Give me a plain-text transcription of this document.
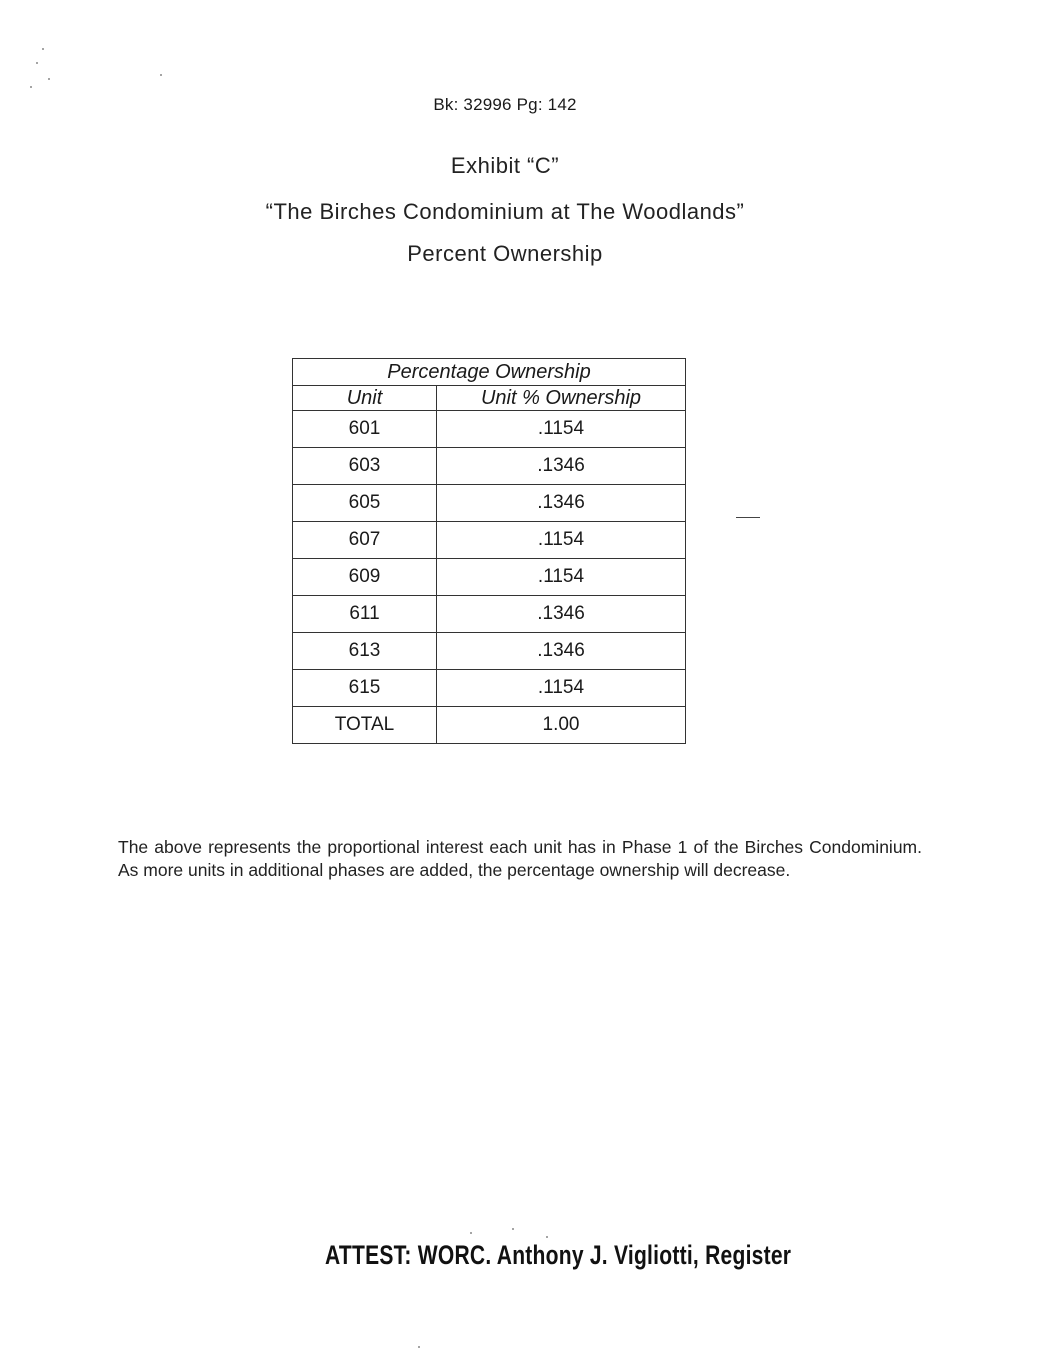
Bk: 32996 Pg: 142
Exhibit “C”
“The Birches Condominium at The Woodlands”
Percent Ownership
Percentage Ownership	
Unit	Unit % Ownership
601	.1154
603	.1346
605	.1346
607	.1154
609	.1154
611	.1346
613	.1346
615	.1154
TOTAL	1.00
The above represents the proportional interest each unit has in Phase 1 of the Birches Condominium. As more units in additional phases are added, the percentage ownership will decrease.
ATTEST: WORC. Anthony J. Vigliotti, Register
